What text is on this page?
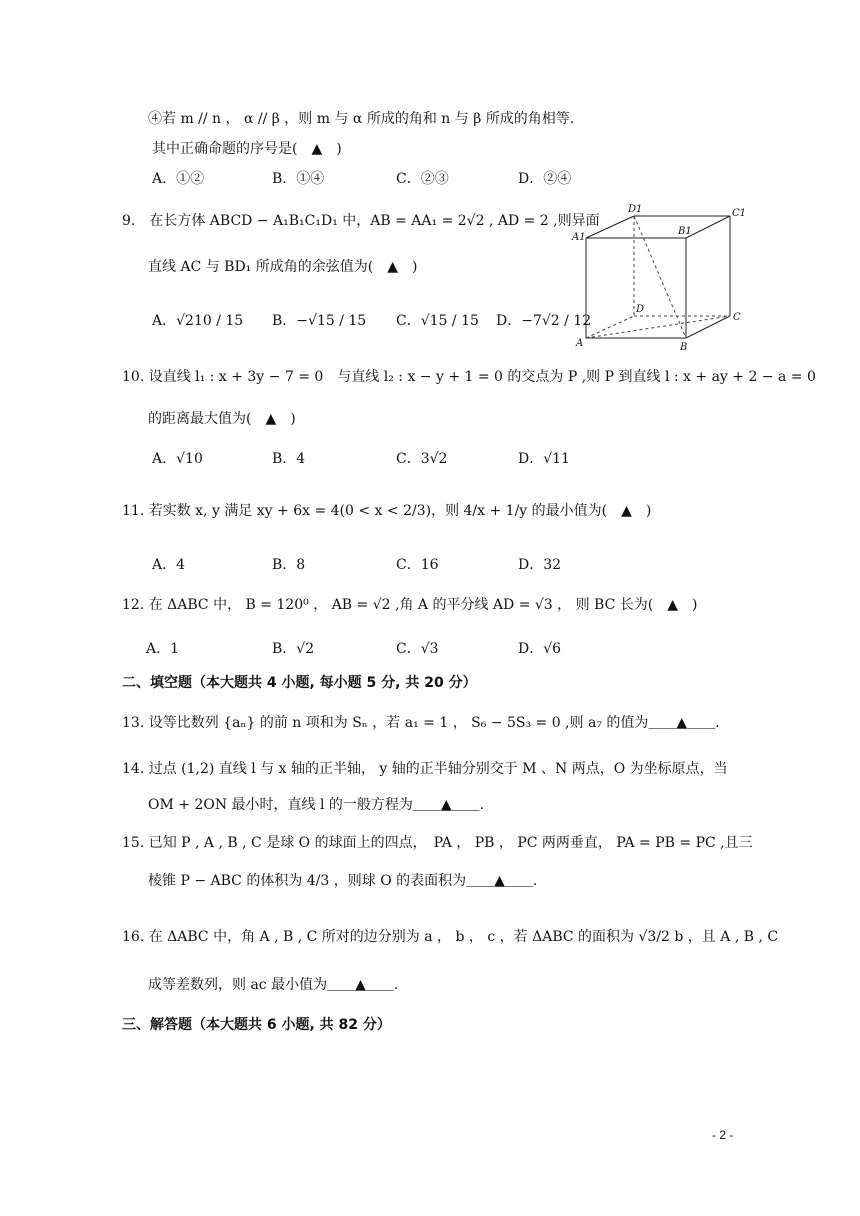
④若 m // n ， α // β ，则 m 与 α 所成的角和 n 与 β 所成的角相等.
其中正确命题的序号是(　▲　)
A．①②	B．①④	C．②③	D．②④
9.　在长方体 ABCD − A₁B₁C₁D₁ 中，AB = AA₁ = 2√2 , AD = 2 ,则异面
直线 AC 与 BD₁ 所成角的余弦值为(　▲　)
A．√210 / 15 B．−√15 / 15 C．√15 / 15 D．−7√2 / 12
D1	C1
A1
B1
D
C
A	B
10. 设直线 l₁ : x + 3y − 7 = 0　与直线 l₂ : x − y + 1 = 0 的交点为 P ,则 P 到直线 l : x + ay + 2 − a = 0
的距离最大值为(　▲　)
A．√10	B．4	C．3√2	D．√11
11. 若实数 x, y 满足 xy + 6x = 4(0 < x < 2/3)，则 4/x + 1/y 的最小值为(　▲　)
A．4	B．8	C．16	D．32
12. 在 ΔABC 中， B = 120⁰ ， AB = √2 ,角 A 的平分线 AD = √3 ， 则 BC 长为(　▲　)
A．1	B．√2	C．√3	D．√6
二、填空题（本大题共 4 小题, 每小题 5 分, 共 20 分）
13. 设等比数列 {aₙ} 的前 n 项和为 Sₙ ，若 a₁ = 1 ， S₆ − 5S₃ = 0 ,则 a₇ 的值为＿＿▲＿＿.
14. 过点 (1,2) 直线 l 与 x 轴的正半轴， y 轴的正半轴分别交于 M 、N 两点，O 为坐标原点，当
OM + 2ON 最小时，直线 l 的一般方程为＿＿▲＿＿.
15. 已知 P , A , B , C 是球 O 的球面上的四点，　PA ， PB ， PC 两两垂直， PA = PB = PC ,且三
棱锥 P − ABC 的体积为 4/3 ，则球 O 的表面积为＿＿▲＿＿.
16. 在 ΔABC 中，角 A , B , C 所对的边分别为 a ， b ， c ，若 ΔABC 的面积为 √3/2 b ，且 A , B , C
成等差数列，则 ac 最小值为＿＿▲＿＿.
三、解答题（本大题共 6 小题, 共 82 分）
- 2 -
